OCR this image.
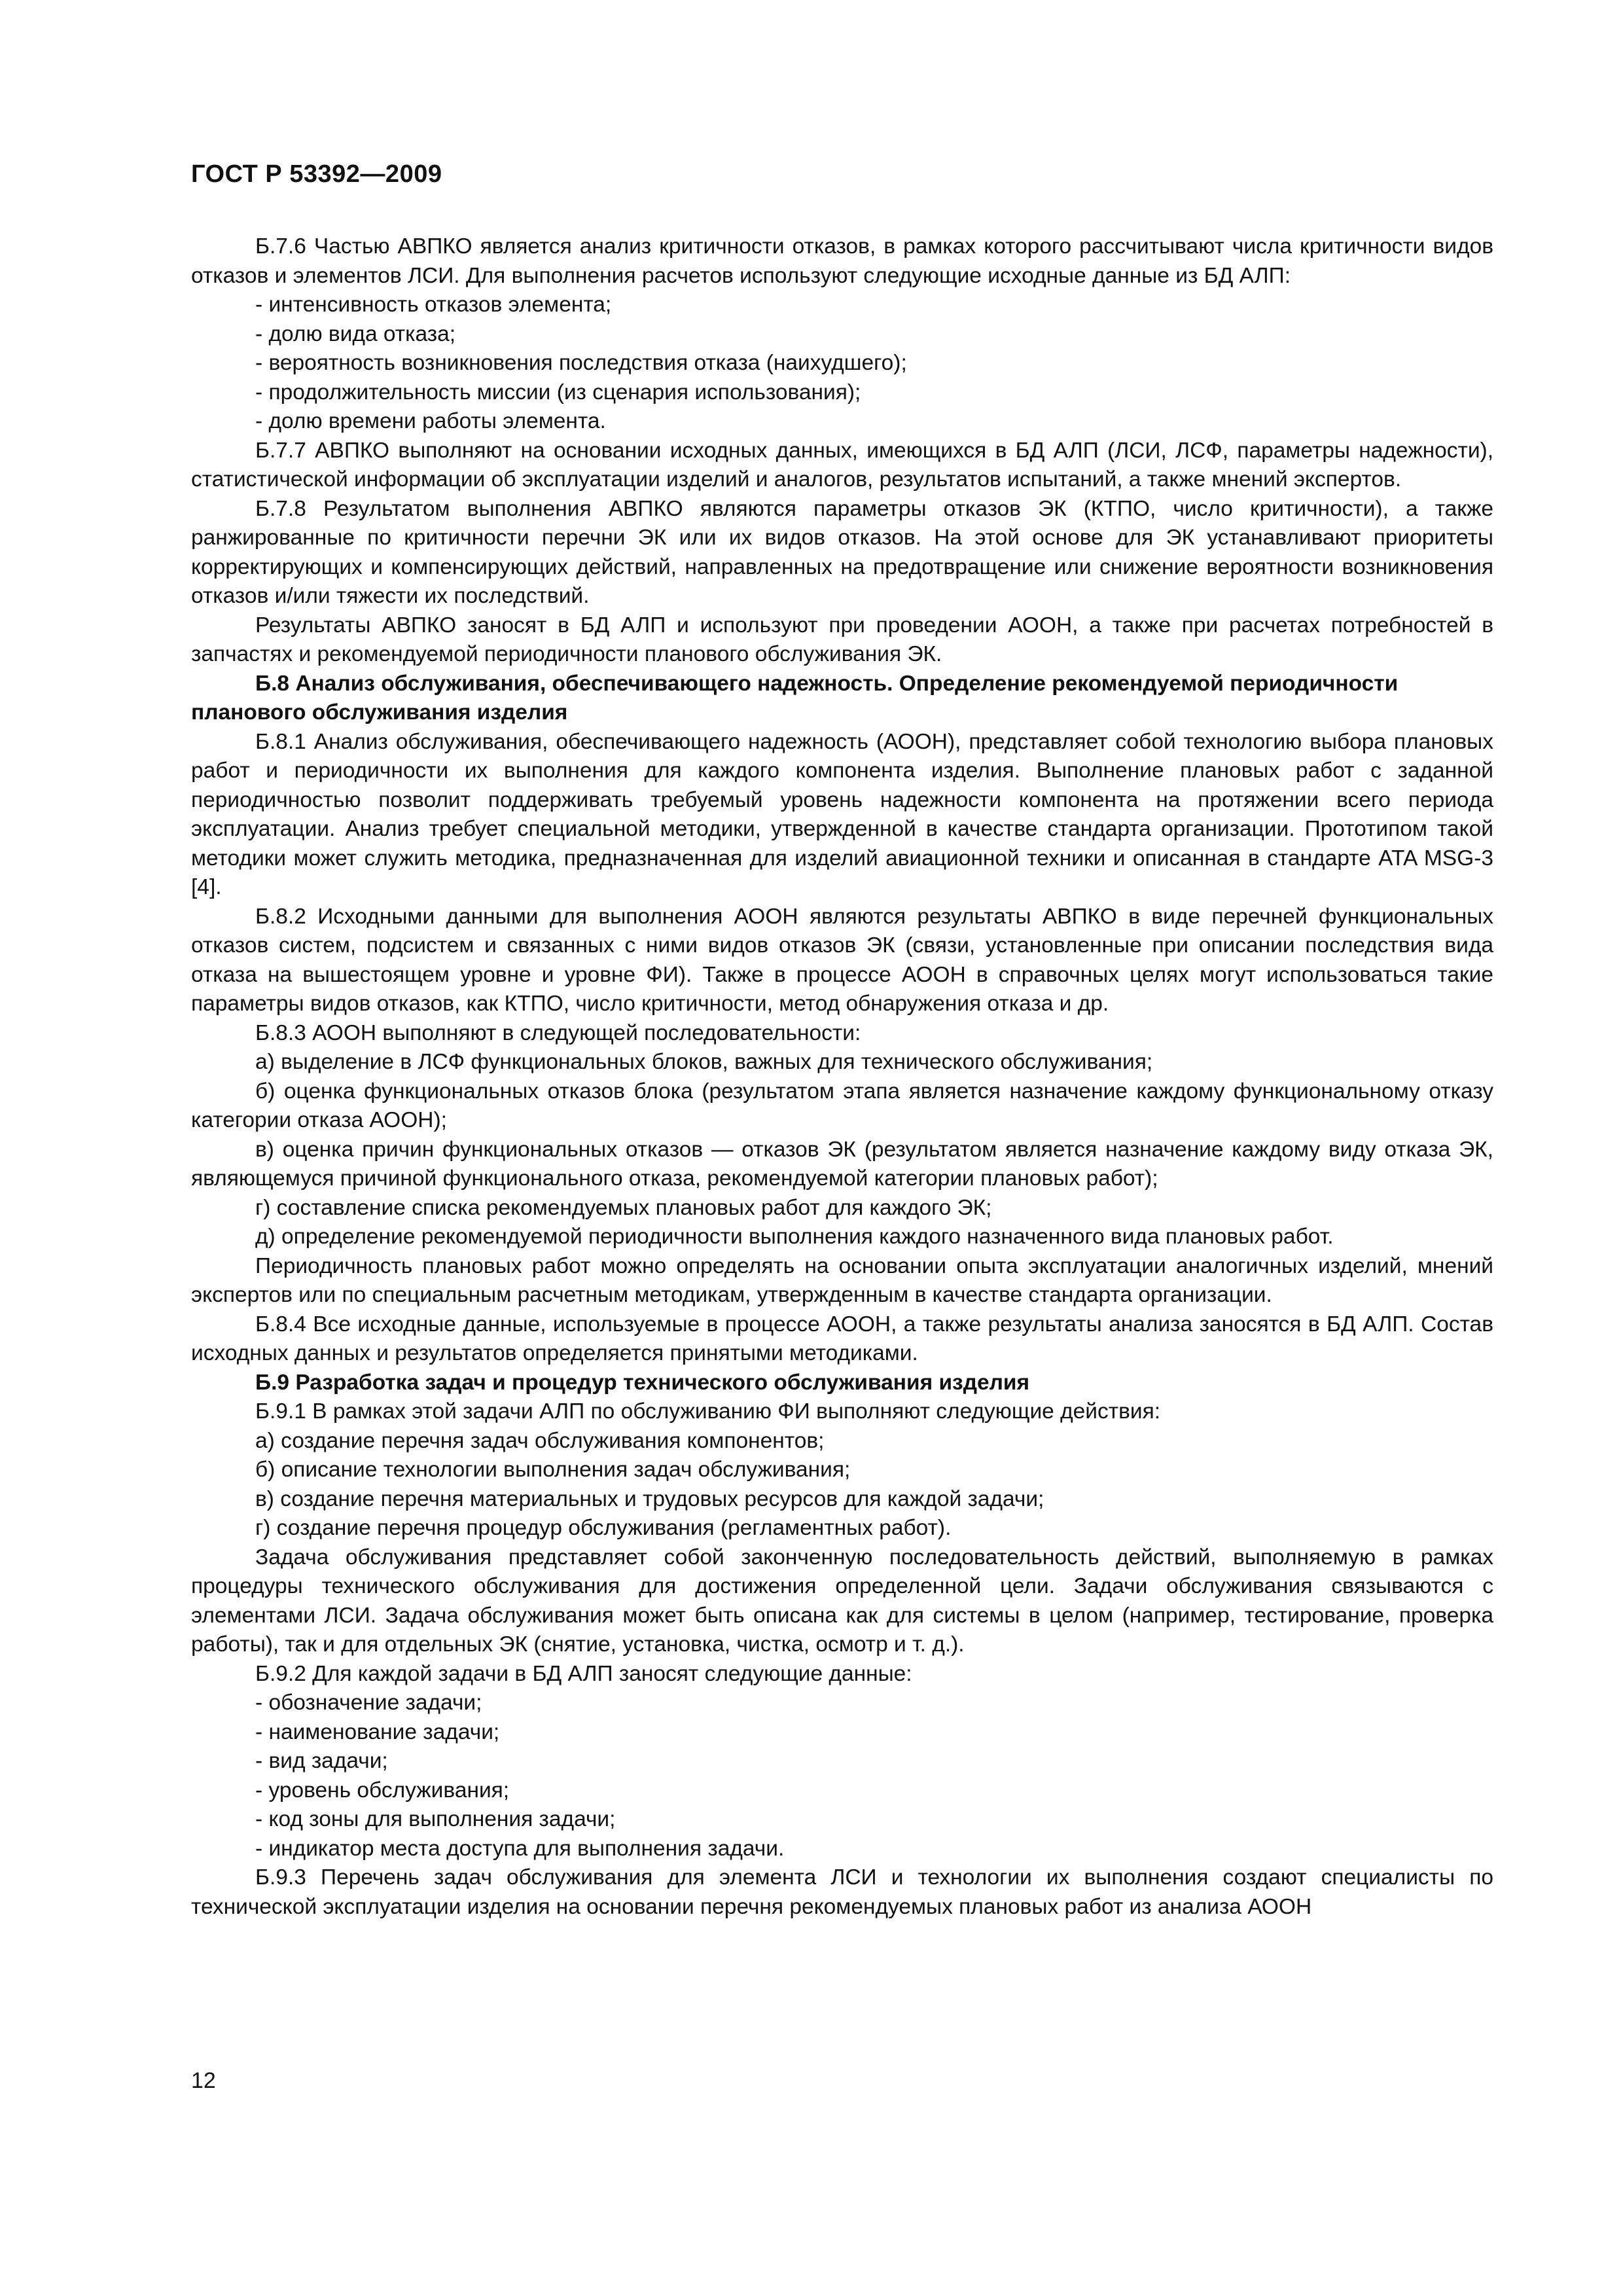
ГОСТ Р 53392—2009

Б.7.6 Частью АВПКО является анализ критичности отказов, в рамках которого рассчитывают числа критичности видов отказов и элементов ЛСИ. Для выполнения расчетов используют следующие исходные данные из БД АЛП:

- интенсивность отказов элемента;

- долю вида отказа;

- вероятность возникновения последствия отказа (наихудшего);

- продолжительность миссии (из сценария использования);

- долю времени работы элемента.

Б.7.7 АВПКО выполняют на основании исходных данных, имеющихся в БД АЛП (ЛСИ, ЛСФ, параметры надежности), статистической информации об эксплуатации изделий и аналогов, результатов испытаний, а также мнений экспертов.

Б.7.8 Результатом выполнения АВПКО являются параметры отказов ЭК (КТПО, число критичности), а также ранжированные по критичности перечни ЭК или их видов отказов. На этой основе для ЭК устанавливают приоритеты корректирующих и компенсирующих действий, направленных на предотвращение или снижение вероятности возникновения отказов и/или тяжести их последствий.

Результаты АВПКО заносят в БД АЛП и используют при проведении АООН, а также при расчетах потребностей в запчастях и рекомендуемой периодичности планового обслуживания ЭК.

Б.8 Анализ обслуживания, обеспечивающего надежность. Определение рекомендуемой периодичности планового обслуживания изделия

Б.8.1 Анализ обслуживания, обеспечивающего надежность (АООН), представляет собой технологию выбора плановых работ и периодичности их выполнения для каждого компонента изделия. Выполнение плановых работ с заданной периодичностью позволит поддерживать требуемый уровень надежности компонента на протяжении всего периода эксплуатации. Анализ требует специальной методики, утвержденной в качестве стандарта организации. Прототипом такой методики может служить методика, предназначенная для изделий авиационной техники и описанная в стандарте ATA MSG-3 [4].

Б.8.2 Исходными данными для выполнения АООН являются результаты АВПКО в виде перечней функциональных отказов систем, подсистем и связанных с ними видов отказов ЭК (связи, установленные при описании последствия вида отказа на вышестоящем уровне и уровне ФИ). Также в процессе АООН в справочных целях могут использоваться такие параметры видов отказов, как КТПО, число критичности, метод обнаружения отказа и др.

Б.8.3 АООН выполняют в следующей последовательности:

а) выделение в ЛСФ функциональных блоков, важных для технического обслуживания;

б) оценка функциональных отказов блока (результатом этапа является назначение каждому функциональному отказу категории отказа АООН);

в) оценка причин функциональных отказов — отказов ЭК (результатом является назначение каждому виду отказа ЭК, являющемуся причиной функционального отказа, рекомендуемой категории плановых работ);

г) составление списка рекомендуемых плановых работ для каждого ЭК;

д) определение рекомендуемой периодичности выполнения каждого назначенного вида плановых работ.

Периодичность плановых работ можно определять на основании опыта эксплуатации аналогичных изделий, мнений экспертов или по специальным расчетным методикам, утвержденным в качестве стандарта организации.

Б.8.4 Все исходные данные, используемые в процессе АООН, а также результаты анализа заносятся в БД АЛП. Состав исходных данных и результатов определяется принятыми методиками.

Б.9 Разработка задач и процедур технического обслуживания изделия

Б.9.1 В рамках этой задачи АЛП по обслуживанию ФИ выполняют следующие действия:

а) создание перечня задач обслуживания компонентов;

б) описание технологии выполнения задач обслуживания;

в) создание перечня материальных и трудовых ресурсов для каждой задачи;

г) создание перечня процедур обслуживания (регламентных работ).

Задача обслуживания представляет собой законченную последовательность действий, выполняемую в рамках процедуры технического обслуживания для достижения определенной цели. Задачи обслуживания связываются с элементами ЛСИ. Задача обслуживания может быть описана как для системы в целом (например, тестирование, проверка работы), так и для отдельных ЭК (снятие, установка, чистка, осмотр и т. д.).

Б.9.2 Для каждой задачи в БД АЛП заносят следующие данные:

- обозначение задачи;

- наименование задачи;

- вид задачи;

- уровень обслуживания;

- код зоны для выполнения задачи;

- индикатор места доступа для выполнения задачи.

Б.9.3 Перечень задач обслуживания для элемента ЛСИ и технологии их выполнения создают специалисты по технической эксплуатации изделия на основании перечня рекомендуемых плановых работ из анализа АООН

12
